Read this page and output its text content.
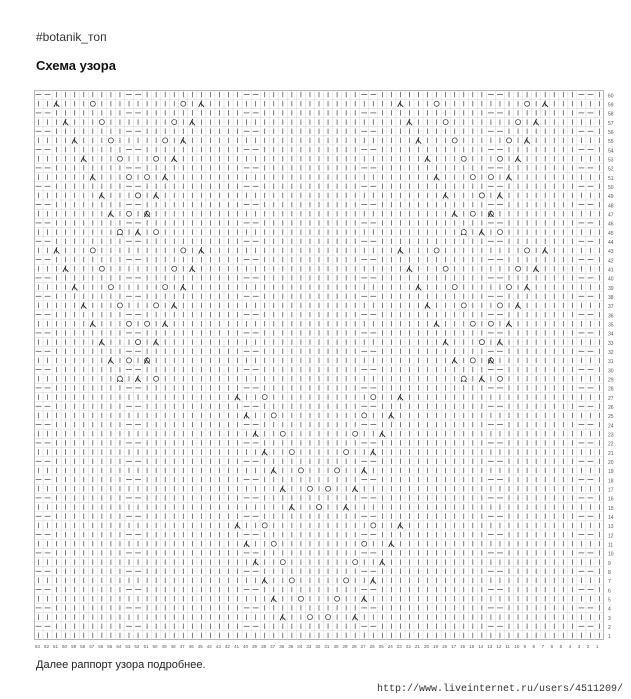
#botanik_топ
Схема узора
60
59
58
57
56
55
54
53
52
51
50
49
48
47
46
45
44
43
42
41
40
39
38
37
36
35
34
33
32
31
30
29
28
27
26
25
24
23
22
21
20
19
18
17
16
15
14
13
12
11
10
9
8
7
6
5
4
3
2
1
63 62 61 60 59 58 57 56 55 54 53 52 51 50 49 48 47 46 45 44 43 42 41 40 39 38 37 36 35 34 33 32 31 30 29 28 27 26 25 24 23 22 21 20 19 18 17 16 15 14 13 12 11 10 9 8 7 6 5 4 3 2 1
Далее раппорт узора подробнее.
http://www.liveinternet.ru/users/4511209/
